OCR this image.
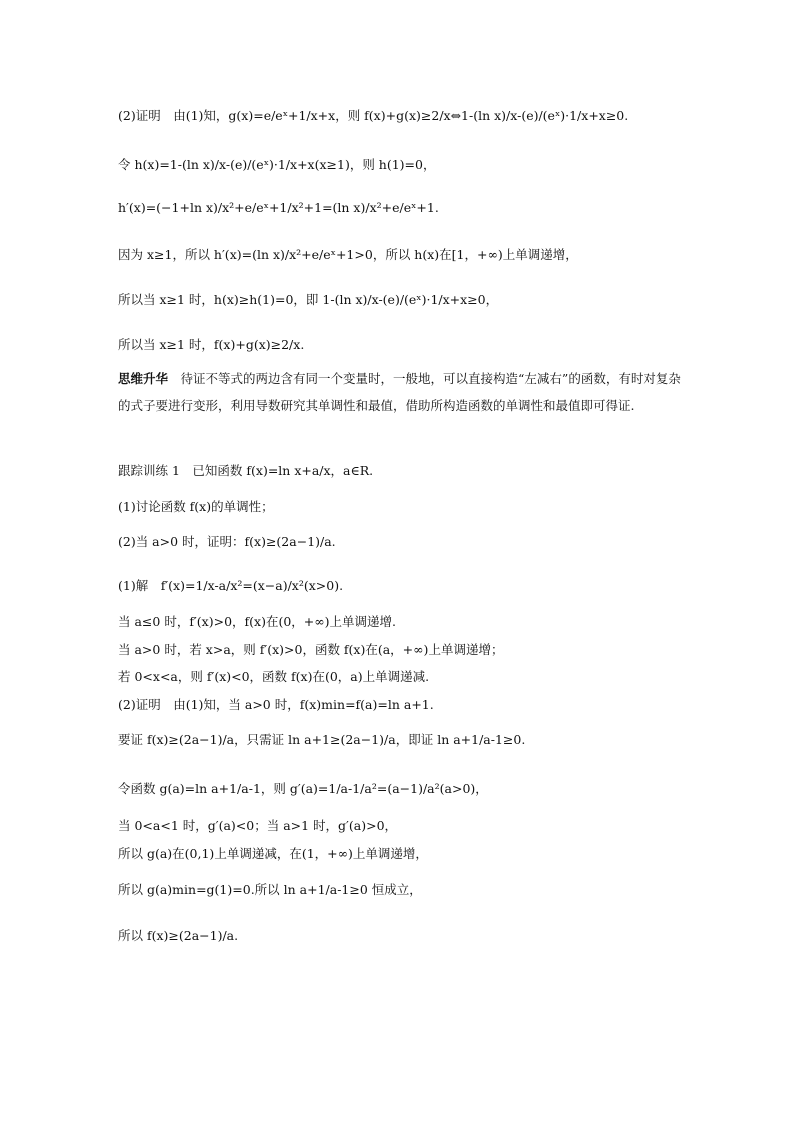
(2)证明　由(1)知，g(x)=e/eˣ+1/x+x，则 f(x)+g(x)≥2/x⇔1-(ln x)/x-(e)/(eˣ)·1/x+x≥0.
令 h(x)=1-(ln x)/x-(e)/(eˣ)·1/x+x(x≥1)，则 h(1)=0，
h′(x)=(−1+ln x)/x²+e/eˣ+1/x²+1=(ln x)/x²+e/eˣ+1.
因为 x≥1，所以 h′(x)=(ln x)/x²+e/eˣ+1>0，所以 h(x)在[1，+∞)上单调递增，
所以当 x≥1 时，h(x)≥h(1)=0，即 1-(ln x)/x-(e)/(eˣ)·1/x+x≥0，
所以当 x≥1 时，f(x)+g(x)≥2/x.
思维升华　 待证不等式的两边含有同一个变量时，一般地，可以直接构造“左减右”的函数，有时对复杂的式子要进行变形，利用导数研究其单调性和最值，借助所构造函数的单调性和最值即可得证.
跟踪训练 1　已知函数 f(x)=ln x+a/x，a∈R.
(1)讨论函数 f(x)的单调性；
(2)当 a>0 时，证明：f(x)≥(2a−1)/a.
(1)解　f′(x)=1/x-a/x²=(x−a)/x²(x>0).
当 a≤0 时，f′(x)>0，f(x)在(0，+∞)上单调递增.
当 a>0 时，若 x>a，则 f′(x)>0，函数 f(x)在(a，+∞)上单调递增；
若 0<x<a，则 f′(x)<0，函数 f(x)在(0，a)上单调递减.
(2)证明　由(1)知，当 a>0 时，f(x)min=f(a)=ln a+1.
要证 f(x)≥(2a−1)/a，只需证 ln a+1≥(2a−1)/a，即证 ln a+1/a-1≥0.
令函数 g(a)=ln a+1/a-1，则 g′(a)=1/a-1/a²=(a−1)/a²(a>0)，
当 0<a<1 时，g′(a)<0；当 a>1 时，g′(a)>0，
所以 g(a)在(0,1)上单调递减，在(1，+∞)上单调递增，
所以 g(a)min=g(1)=0.所以 ln a+1/a-1≥0 恒成立，
所以 f(x)≥(2a−1)/a.
